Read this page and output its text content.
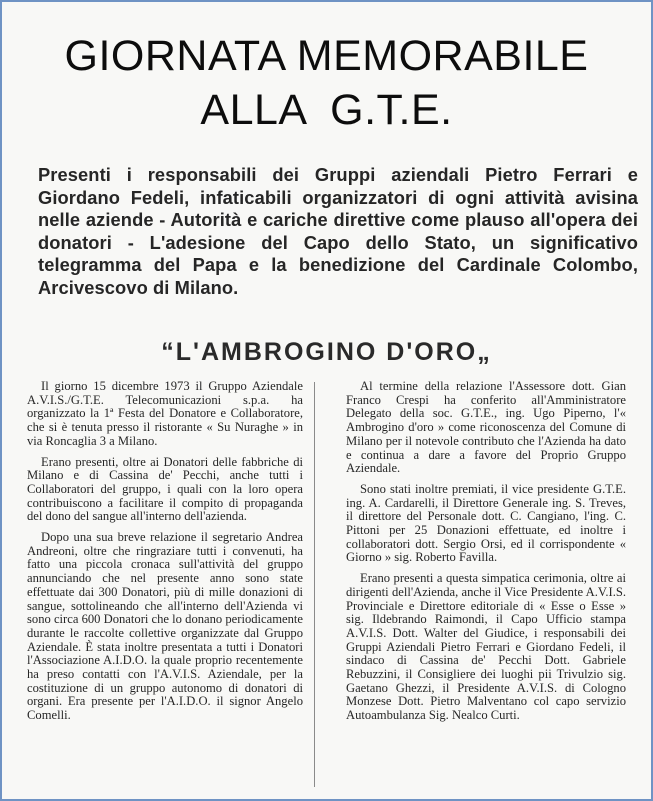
GIORNATA MEMORABILE
ALLA  G.T.E.
Presenti i responsabili dei Gruppi aziendali Pietro Ferrari e Giordano Fedeli, infaticabili organizzatori di ogni attività avisina nelle aziende - Autorità e cariche direttive come plauso all'opera dei donatori - L'adesione del Capo dello Stato, un significativo telegramma del Papa e la benedizione del Cardinale Colombo, Arcivescovo di Milano.
“L'AMBROGINO D'ORO„

Il giorno 15 dicembre 1973 il Gruppo Aziendale A.V.I.S./G.T.E. Telecomunicazioni s.p.a. ha organizzato la 1ª Festa del Donatore e Collaboratore, che si è tenuta presso il ristorante « Su Nuraghe » in via Roncaglia 3 a Milano.

Erano presenti, oltre ai Donatori delle fabbriche di Milano e di Cassina de' Pecchi, anche tutti i Collaboratori del gruppo, i quali con la loro opera contribuiscono a facilitare il compito di propaganda del dono del sangue all'interno dell'azienda.

Dopo una sua breve relazione il segretario Andrea Andreoni, oltre che ringraziare tutti i convenuti, ha fatto una piccola cronaca sull'attività del gruppo annunciando che nel presente anno sono state effettuate dai 300 Donatori, più di mille donazioni di sangue, sottolineando che all'interno dell'Azienda vi sono circa 600 Donatori che lo donano periodicamente durante le raccolte collettive organizzate dal Gruppo Aziendale. È stata inoltre presentata a tutti i Donatori l'Associazione A.I.D.O. la quale proprio recentemente ha preso contatti con l'A.V.I.S. Aziendale, per la costituzione di un gruppo autonomo di donatori di organi. Era presente per l'A.I.D.O. il signor Angelo Comelli.

Al termine della relazione l'Assessore dott. Gian Franco Crespi ha conferito all'Amministratore Delegato della soc. G.T.E., ing. Ugo Piperno, l'« Ambrogino d'oro » come riconoscenza del Comune di Milano per il notevole contributo che l'Azienda ha dato e continua a dare a favore del Proprio Gruppo Aziendale.

Sono stati inoltre premiati, il vice presidente G.T.E. ing. A. Cardarelli, il Direttore Generale ing. S. Treves, il direttore del Personale dott. C. Cangiano, l'ing. C. Pittoni per 25 Donazioni effettuate, ed inoltre i collaboratori dott. Sergio Orsi, ed il corrispondente « Giorno » sig. Roberto Favilla.

Erano presenti a questa simpatica cerimonia, oltre ai dirigenti dell'Azienda, anche il Vice Presidente A.V.I.S. Provinciale e Direttore editoriale di « Esse o Esse » sig. Ildebrando Raimondi, il Capo Ufficio stampa A.V.I.S. Dott. Walter del Giudice, i responsabili dei Gruppi Aziendali Pietro Ferrari e Giordano Fedeli, il sindaco di Cassina de' Pecchi Dott. Gabriele Rebuzzini, il Consigliere dei luoghi pii Trivulzio sig. Gaetano Ghezzi, il Presidente A.V.I.S. di Cologno Monzese Dott. Pietro Malventano col capo servizio Autoambulanza Sig. Nealco Curti.
